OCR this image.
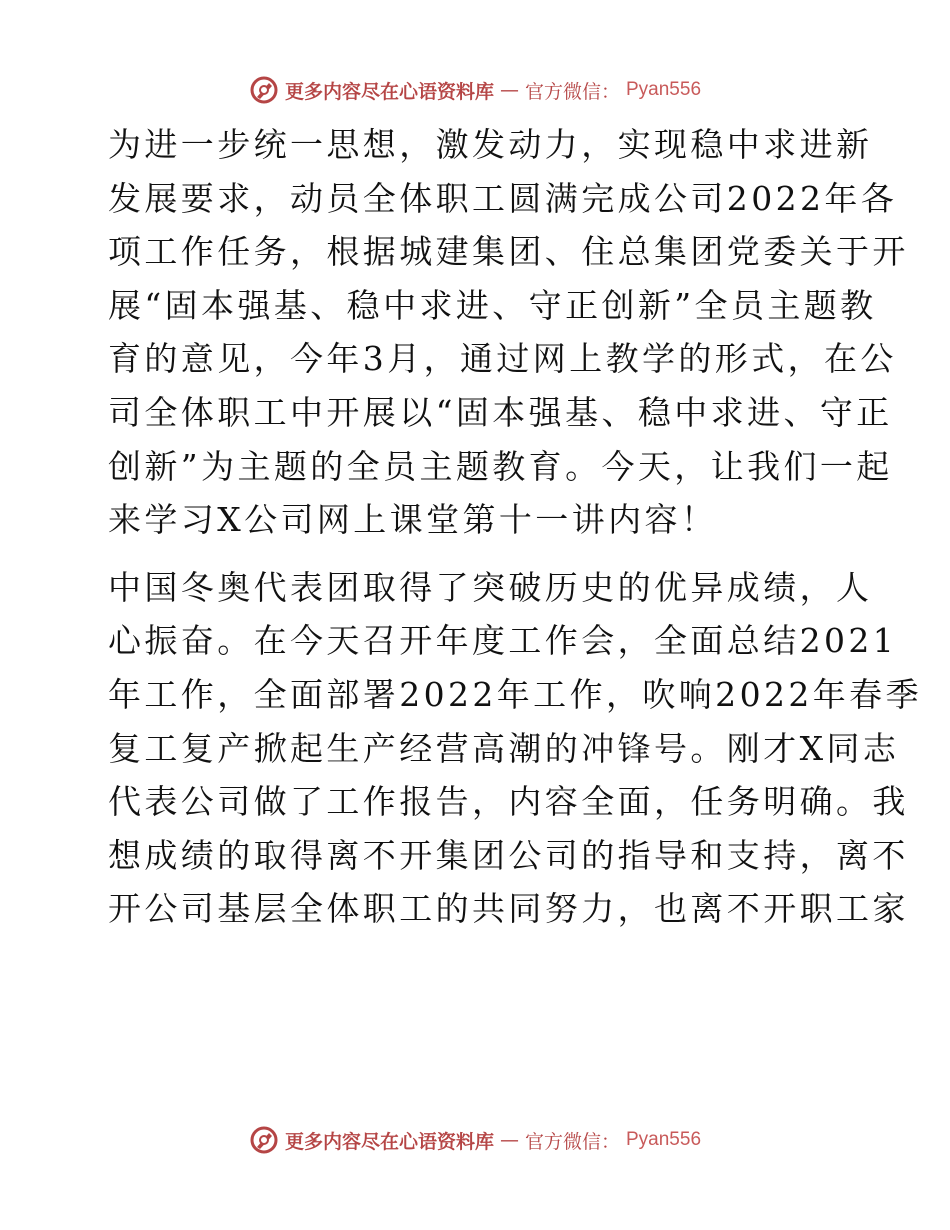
更多内容尽在心语资料库 — 官方微信： Pyan556
为进一步统一思想，激发动力，实现稳中求进新
发展要求，动员全体职工圆满完成公司2022年各
项工作任务，根据城建集团、住总集团党委关于开
展“固本强基、稳中求进、守正创新”全员主题教
育的意见，今年3月，通过网上教学的形式，在公
司全体职工中开展以“固本强基、稳中求进、守正
创新”为主题的全员主题教育。今天，让我们一起
来学习X公司网上课堂第十一讲内容！
中国冬奥代表团取得了突破历史的优异成绩，人
心振奋。在今天召开年度工作会，全面总结2021
年工作，全面部署2022年工作，吹响2022年春季
复工复产掀起生产经营高潮的冲锋号。刚才X同志
代表公司做了工作报告，内容全面，任务明确。我
想成绩的取得离不开集团公司的指导和支持，离不
开公司基层全体职工的共同努力，也离不开职工家
更多内容尽在心语资料库 — 官方微信： Pyan556
